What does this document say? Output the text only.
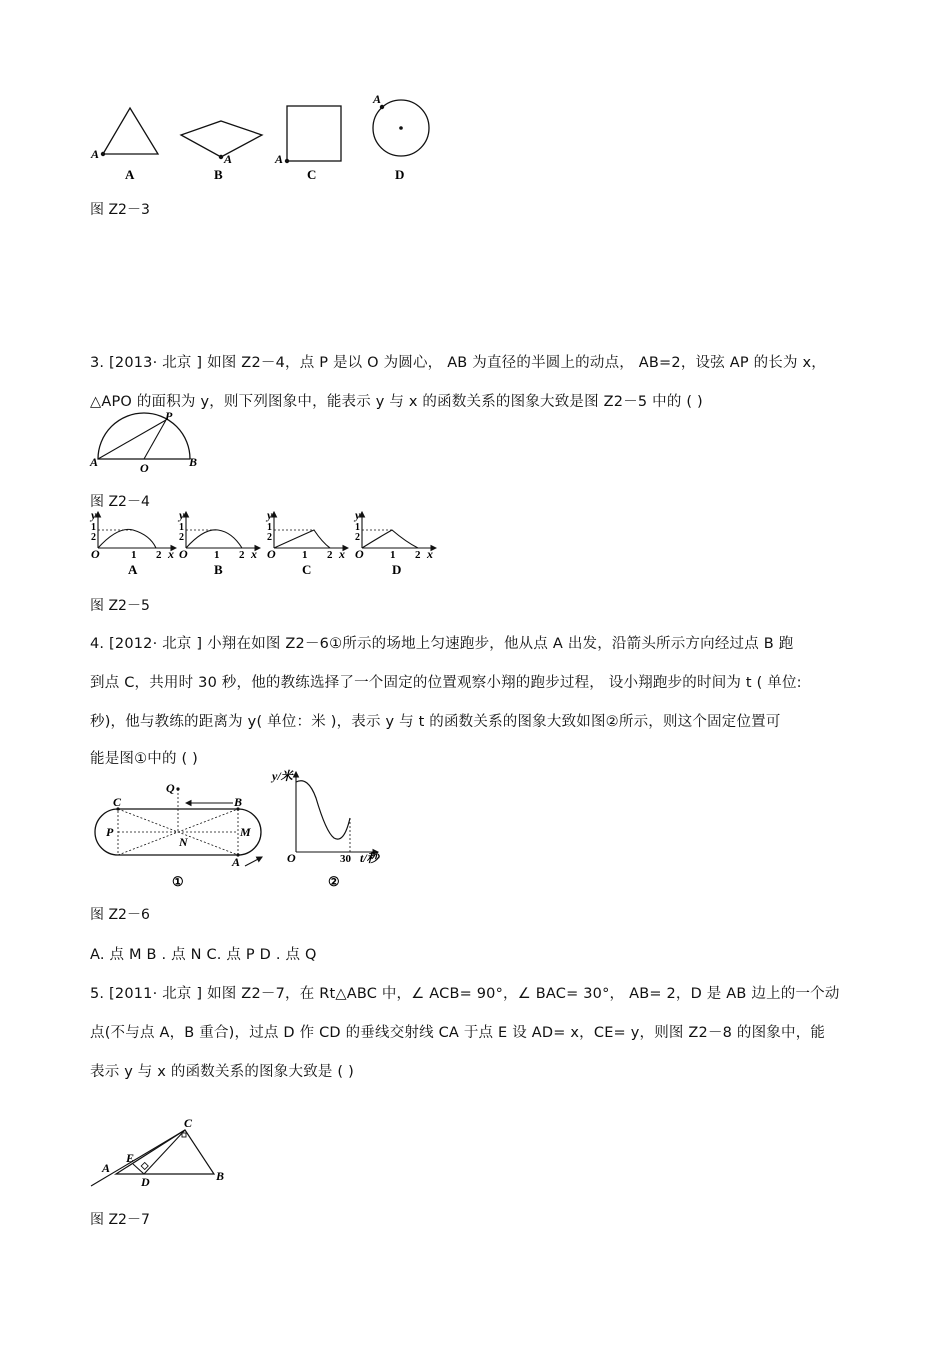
A	A	A
A
A	B	C	D
图 Z2－3
3. [2013· 北京 ] 如图 Z2－4，点 P 是以 O 为圆心， AB 为直径的半圆上的动点， AB=2，设弦 AP 的长为 x，
△APO 的面积为 y，则下列图象中，能表示 y 与 x 的函数关系的图象大致是图 Z2－5 中的 ( )
P
A	O	B
图 Z2－4
y
1
2
O	1 2 x
A
y
1
2
O 1 2 x
B
y
1
2
O 1 2 x
C
y
1
2
O 1 2 x
D
图 Z2－5
4. [2012· 北京 ] 小翔在如图 Z2－6①所示的场地上匀速跑步，他从点 A 出发，沿箭头所示方向经过点 B 跑
到点 C，共用时 30 秒，他的教练选择了一个固定的位置观察小翔的跑步过程， 设小翔跑步的时间为 t ( 单位:
秒)，他与教练的距离为 y( 单位：米 )，表示 y 与 t 的函数关系的图象大致如图②所示，则这个固定位置可
能是图①中的 ( )
C
Q
B
P	M
N
A
①
y/米
O	30 t/秒
②
图 Z2－6
A. 点 M B . 点 N C. 点 P D . 点 Q
5. [2011· 北京 ] 如图 Z2－7，在 Rt△ABC 中，∠ ACB= 90°，∠ BAC= 30°， AB= 2，D 是 AB 边上的一个动
点(不与点 A，B 重合)，过点 D 作 CD 的垂线交射线 CA 于点 E 设 AD= x，CE= y，则图 Z2－8 的图象中，能
表示 y 与 x 的函数关系的图象大致是 ( )
C
A
E
D	B
图 Z2－7
